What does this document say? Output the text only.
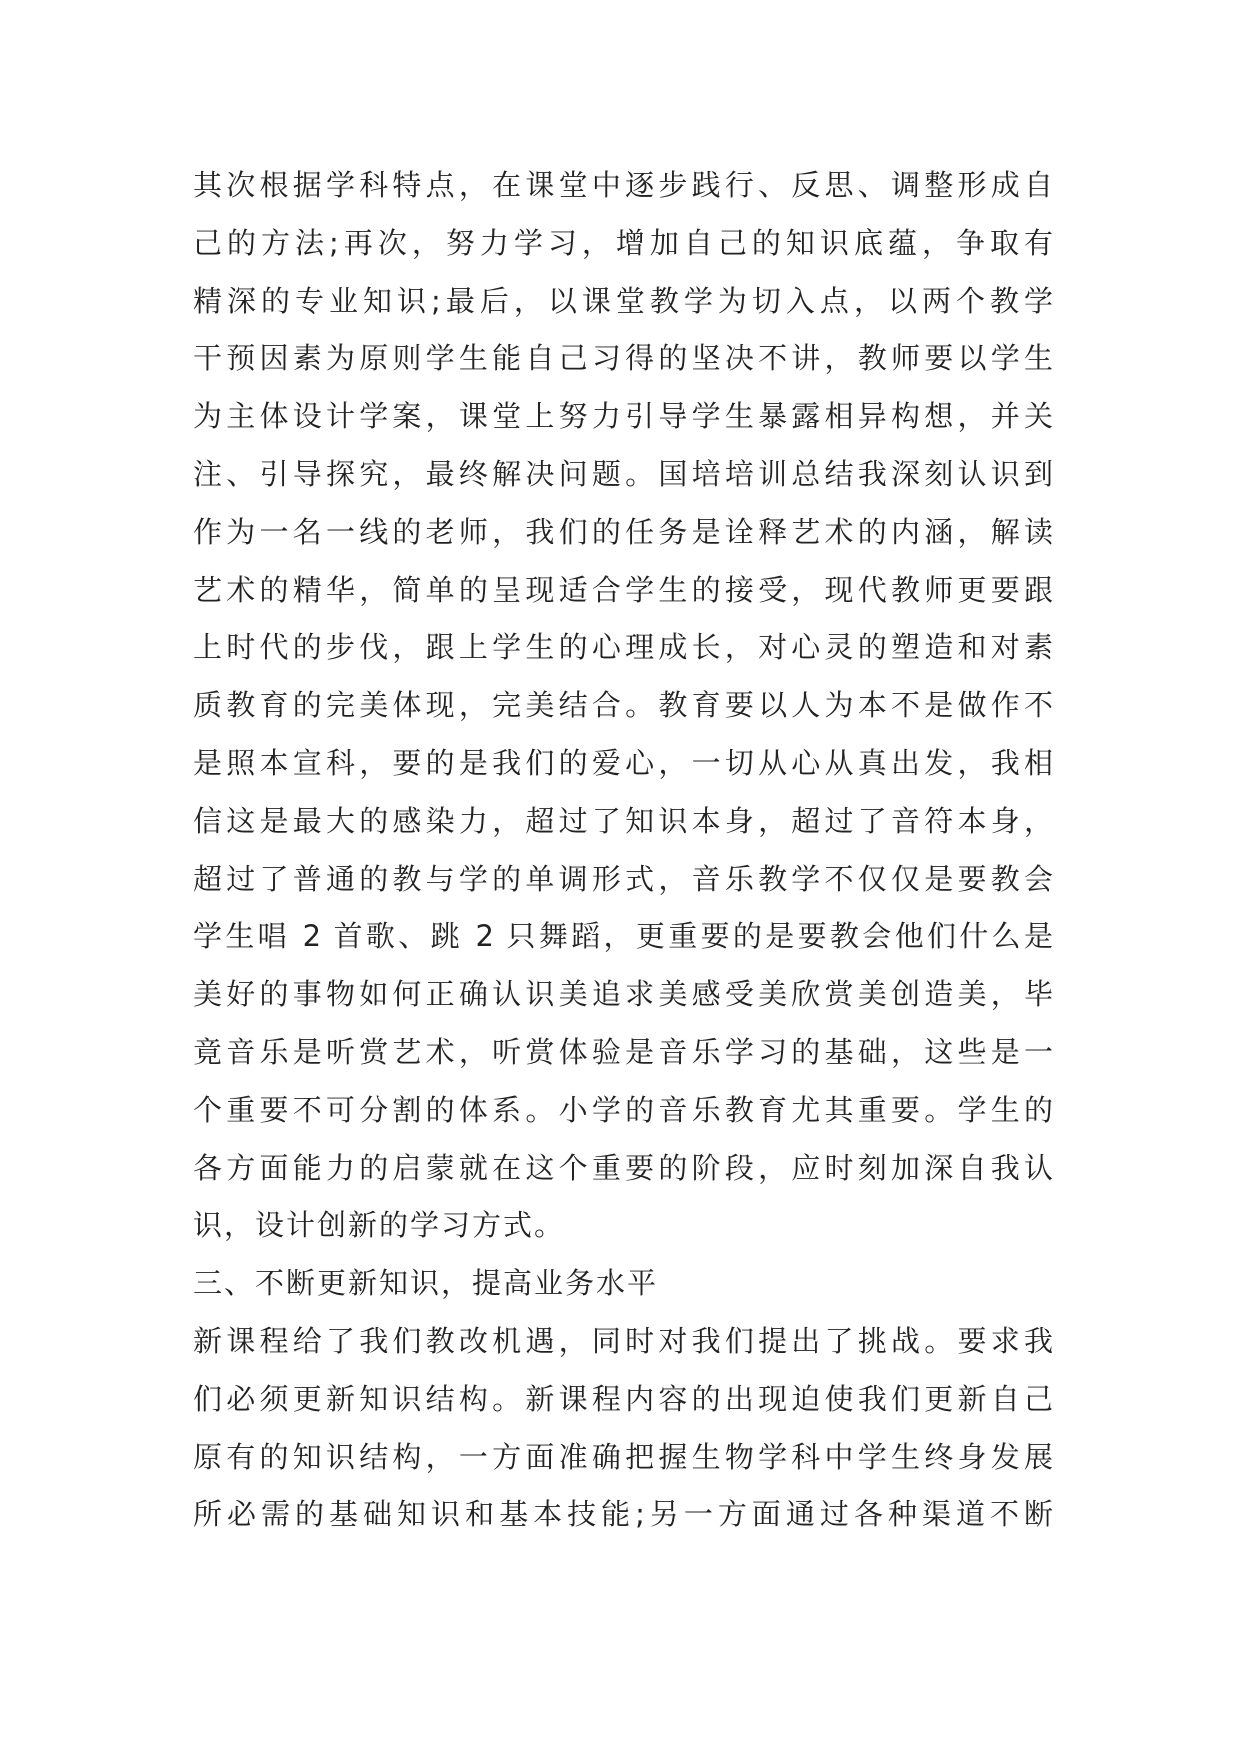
其次根据学科特点，在课堂中逐步践行、反思、调整形成自
己的方法;再次，努力学习，增加自己的知识底蕴，争取有
精深的专业知识;最后，以课堂教学为切入点，以两个教学
干预因素为原则学生能自己习得的坚决不讲，教师要以学生
为主体设计学案，课堂上努力引导学生暴露相异构想，并关
注、引导探究，最终解决问题。国培培训总结我深刻认识到
作为一名一线的老师，我们的任务是诠释艺术的内涵，解读
艺术的精华，简单的呈现适合学生的接受，现代教师更要跟
上时代的步伐，跟上学生的心理成长，对心灵的塑造和对素
质教育的完美体现，完美结合。教育要以人为本不是做作不
是照本宣科，要的是我们的爱心，一切从心从真出发，我相
信这是最大的感染力，超过了知识本身，超过了音符本身，
超过了普通的教与学的单调形式，音乐教学不仅仅是要教会
学生唱 2 首歌、跳 2 只舞蹈，更重要的是要教会他们什么是
美好的事物如何正确认识美追求美感受美欣赏美创造美，毕
竟音乐是听赏艺术，听赏体验是音乐学习的基础，这些是一
个重要不可分割的体系。小学的音乐教育尤其重要。学生的
各方面能力的启蒙就在这个重要的阶段，应时刻加深自我认
识，设计创新的学习方式。
三、不断更新知识，提高业务水平
新课程给了我们教改机遇，同时对我们提出了挑战。要求我
们必须更新知识结构。新课程内容的出现迫使我们更新自己
原有的知识结构，一方面准确把握生物学科中学生终身发展
所必需的基础知识和基本技能;另一方面通过各种渠道不断
